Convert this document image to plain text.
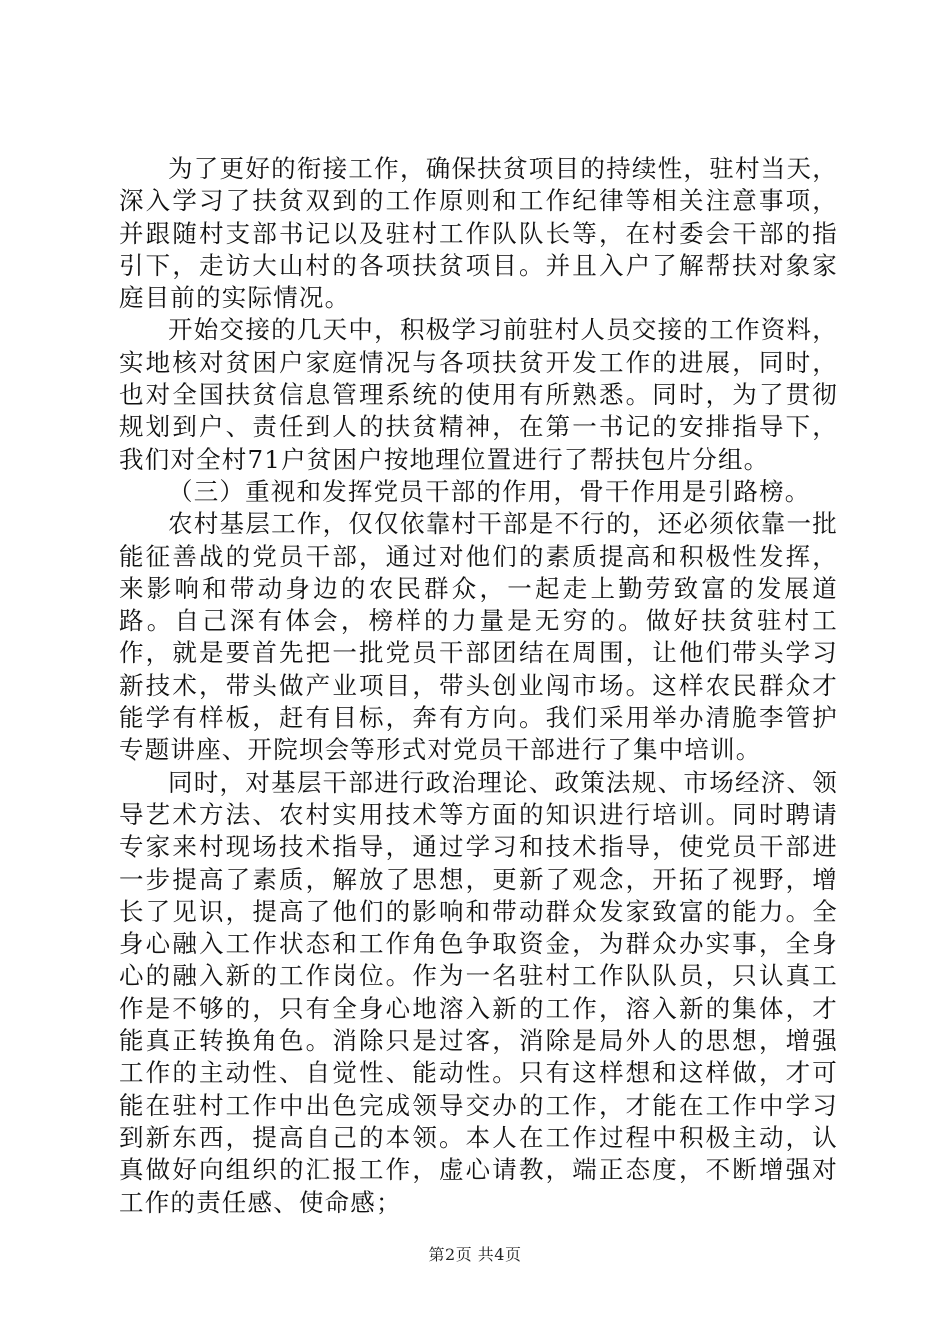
为了更好的衔接工作，确保扶贫项目的持续性，驻村当天，深入学习了扶贫双到的工作原则和工作纪律等相关注意事项，并跟随村支部书记以及驻村工作队队长等，在村委会干部的指引下，走访大山村的各项扶贫项目。并且入户了解帮扶对象家庭目前的实际情况。

开始交接的几天中，积极学习前驻村人员交接的工作资料，实地核对贫困户家庭情况与各项扶贫开发工作的进展，同时，也对全国扶贫信息管理系统的使用有所熟悉。同时，为了贯彻规划到户、责任到人的扶贫精神，在第一书记的安排指导下，我们对全村71户贫困户按地理位置进行了帮扶包片分组。

（三）重视和发挥党员干部的作用，骨干作用是引路榜。

农村基层工作，仅仅依靠村干部是不行的，还必须依靠一批能征善战的党员干部，通过对他们的素质提高和积极性发挥，来影响和带动身边的农民群众，一起走上勤劳致富的发展道路。自己深有体会，榜样的力量是无穷的。做好扶贫驻村工作，就是要首先把一批党员干部团结在周围，让他们带头学习新技术，带头做产业项目，带头创业闯市场。这样农民群众才能学有样板，赶有目标，奔有方向。我们采用举办清脆李管护专题讲座、开院坝会等形式对党员干部进行了集中培训。

同时，对基层干部进行政治理论、政策法规、市场经济、领导艺术方法、农村实用技术等方面的知识进行培训。同时聘请专家来村现场技术指导，通过学习和技术指导，使党员干部进一步提高了素质，解放了思想，更新了观念，开拓了视野，增长了见识，提高了他们的影响和带动群众发家致富的能力。全身心融入工作状态和工作角色争取资金，为群众办实事，全身心的融入新的工作岗位。作为一名驻村工作队队员，只认真工作是不够的，只有全身心地溶入新的工作，溶入新的集体，才能真正转换角色。消除只是过客，消除是局外人的思想，增强工作的主动性、自觉性、能动性。只有这样想和这样做，才可能在驻村工作中出色完成领导交办的工作，才能在工作中学习到新东西，提高自己的本领。本人在工作过程中积极主动，认真做好向组织的汇报工作，虚心请教，端正态度，不断增强对工作的责任感、使命感；

第2页 共4页
